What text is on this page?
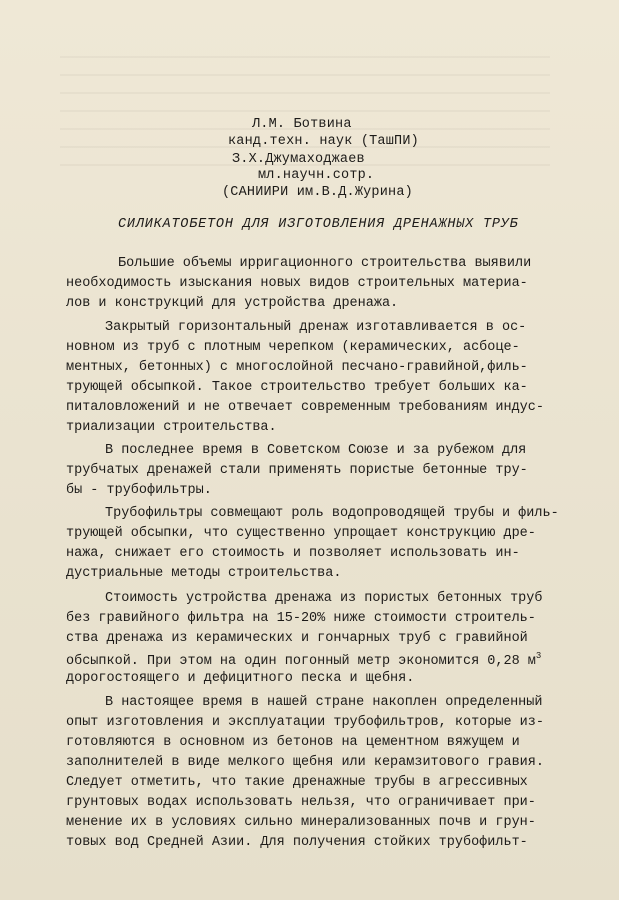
Л.М. Ботвина
канд.техн. наук (ТашПИ)
З.Х.Джумаходжаев
мл.научн.сотр.
(САНИИРИ им.В.Д.Журина)
СИЛИКАТОБЕТОН ДЛЯ ИЗГОТОВЛЕНИЯ ДРЕНАЖНЫХ ТРУБ
Большие объемы ирригационного строительства выявили
необходимость изыскания новых видов строительных материа-
лов и конструкций для устройства дренажа.
Закрытый горизонтальный дренаж изготавливается в ос-
новном из труб с плотным черепком (керамических, асбоце-
ментных, бетонных) с многослойной песчано-гравийной,филь-
трующей обсыпкой. Такое строительство требует больших ка-
питаловложений и не отвечает современным требованиям индус-
триализации строительства.
В последнее время в Советском Союзе и за рубежом для
трубчатых дренажей стали применять пористые бетонные тру-
бы - трубофильтры.
Трубофильтры совмещают роль водопроводящей трубы и филь-
трующей обсыпки, что существенно упрощает конструкцию дре-
нажа, снижает его стоимость и позволяет использовать ин-
дустриальные методы строительства.
Стоимость устройства дренажа из пористых бетонных труб
без гравийного фильтра на 15-20% ниже стоимости строитель-
ства дренажа из керамических и гончарных труб с гравийной
обсыпкой. При этом на один погонный метр экономится 0,28 $м^3$
дорогостоящего и дефицитного песка и щебня.
В настоящее время в нашей стране накоплен определенный
опыт изготовления и эксплуатации трубофильтров, которые из-
готовляются в основном из бетонов на цементном вяжущем и
заполнителей в виде мелкого щебня или керамзитового гравия.
Следует отметить, что такие дренажные трубы в агрессивных
грунтовых водах использовать нельзя, что ограничивает при-
менение их в условиях сильно минерализованных почв и грун-
товых вод Средней Азии. Для получения стойких трубофильт-
